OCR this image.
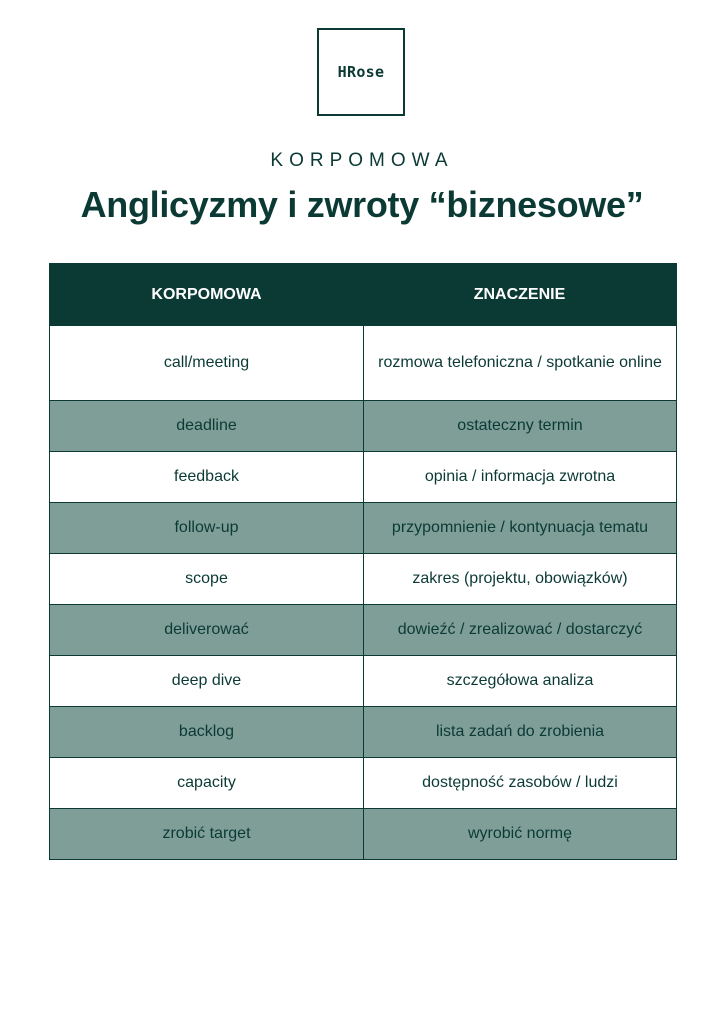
HRose
KORPOMOWA
Anglicyzmy i zwroty “biznesowe”
KORPOMOWA	ZNACZENIE
call/meeting	rozmowa telefoniczna / spotkanie online
deadline	ostateczny termin
feedback	opinia / informacja zwrotna
follow-up	przypomnienie / kontynuacja tematu
scope	zakres (projektu, obowiązków)
deliverować	dowieźć / zrealizować / dostarczyć
deep dive	szczegółowa analiza
backlog	lista zadań do zrobienia
capacity	dostępność zasobów / ludzi
zrobić target	wyrobić normę
